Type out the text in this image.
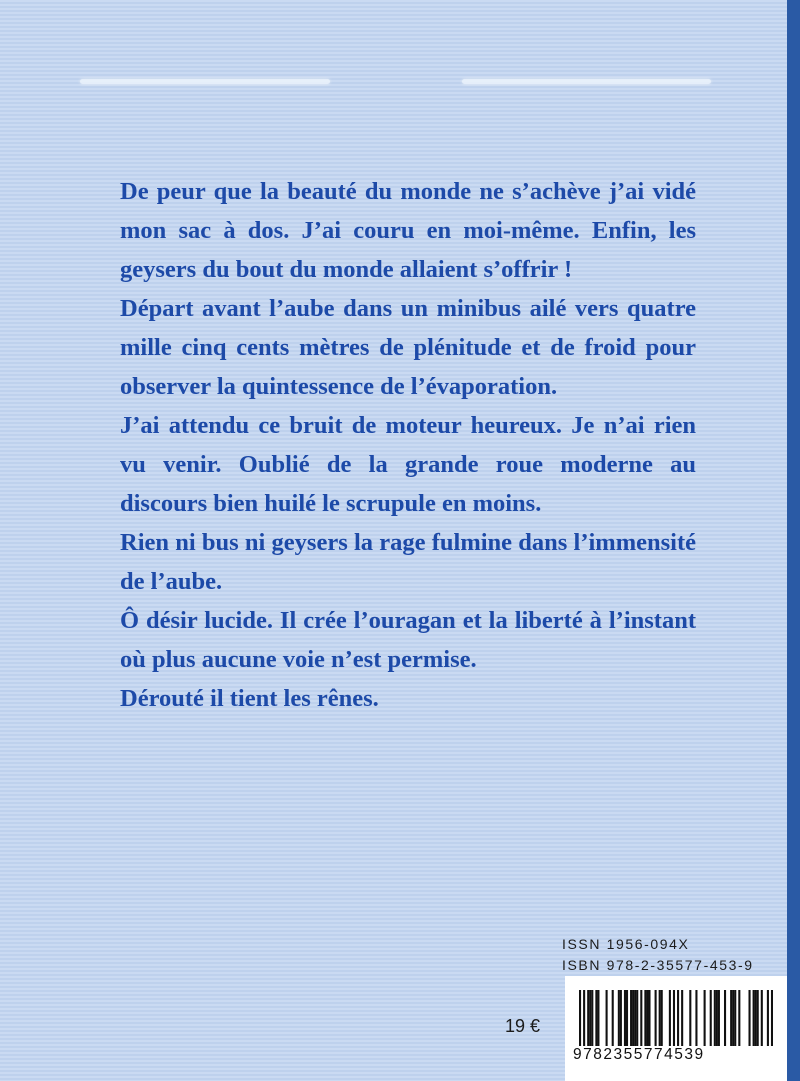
De peur que la beauté du monde ne s’achève j’ai vidé mon sac à dos. J’ai couru en moi-même. Enfin, les geysers du bout du monde allaient s’offrir !

Départ avant l’aube dans un minibus ailé vers quatre mille cinq cents mètres de plénitude et de froid pour observer la quintessence de l’évaporation.

J’ai attendu ce bruit de moteur heureux. Je n’ai rien vu venir. Oublié de la grande roue moderne au discours bien huilé le scrupule en moins.

Rien ni bus ni geysers la rage fulmine dans l’immensité de l’aube.

Ô désir lucide. Il crée l’ouragan et la liberté à l’instant où plus aucune voie n’est permise.

Dérouté il tient les rênes.

ISSN 1956-094X
ISBN 978-2-35577-453-9
19 €
9782355774539
